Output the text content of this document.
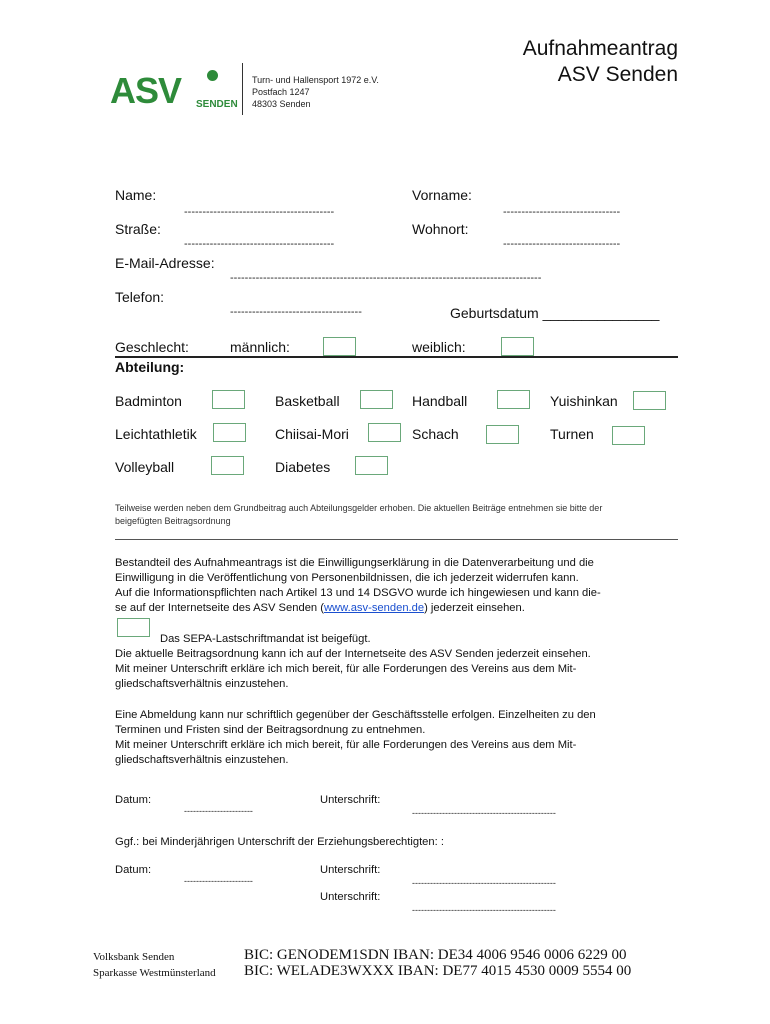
Aufnahmeantrag
ASV Senden
ASV SENDEN
Turn- und Hallensport 1972 e.V.
Postfach 1247
48303 Senden
Name:
-----------------------------------------
Vorname:
--------------------------------
Straße:
-----------------------------------------
Wohnort:
--------------------------------
E-Mail-Adresse:
-------------------------------------------------------------------------------------
Telefon:
------------------------------------	Geburtsdatum _______________
Geschlecht:	männlich:	weiblich:
Abteilung:
Badminton	Basketball	Handball	Yuishinkan
Leichtathletik	Chiisai-Mori	Schach	Turnen
Volleyball	Diabetes
Teilweise werden neben dem Grundbeitrag auch Abteilungsgelder erhoben. Die aktuellen Beiträge entnehmen sie bitte der
beigefügten Beitragsordnung
Bestandteil des Aufnahmeantrags ist die Einwilligungserklärung in die Datenverarbeitung und die
Einwilligung in die Veröffentlichung von Personenbildnissen, die ich jederzeit widerrufen kann.
Auf die Informationspflichten nach Artikel 13 und 14 DSGVO wurde ich hingewiesen und kann die-
se auf der Internetseite des ASV Senden (www.asv-senden.de) jederzeit einsehen.
Das SEPA-Lastschriftmandat ist beigefügt.
Die aktuelle Beitragsordnung kann ich auf der Internetseite des ASV Senden jederzeit einsehen.
Mit meiner Unterschrift erkläre ich mich bereit, für alle Forderungen des Vereins aus dem Mit-
gliedschaftsverhältnis einzustehen.
Eine Abmeldung kann nur schriftlich gegenüber der Geschäftsstelle erfolgen. Einzelheiten zu den
Terminen und Fristen sind der Beitragsordnung zu entnehmen.
Mit meiner Unterschrift erkläre ich mich bereit, für alle Forderungen des Vereins aus dem Mit-
gliedschaftsverhältnis einzustehen.
Datum:
-----------------------
Unterschrift:
------------------------------------------------
Ggf.: bei Minderjährigen Unterschrift der Erziehungsberechtigten: :
Datum:
-----------------------
Unterschrift:
------------------------------------------------
Unterschrift:
------------------------------------------------
Volksbank Senden	BIC: GENODEM1SDN IBAN: DE34 4006 9546 0006 6229 00
Sparkasse Westmünsterland BIC: WELADE3WXXX IBAN: DE77 4015 4530 0009 5554 00
